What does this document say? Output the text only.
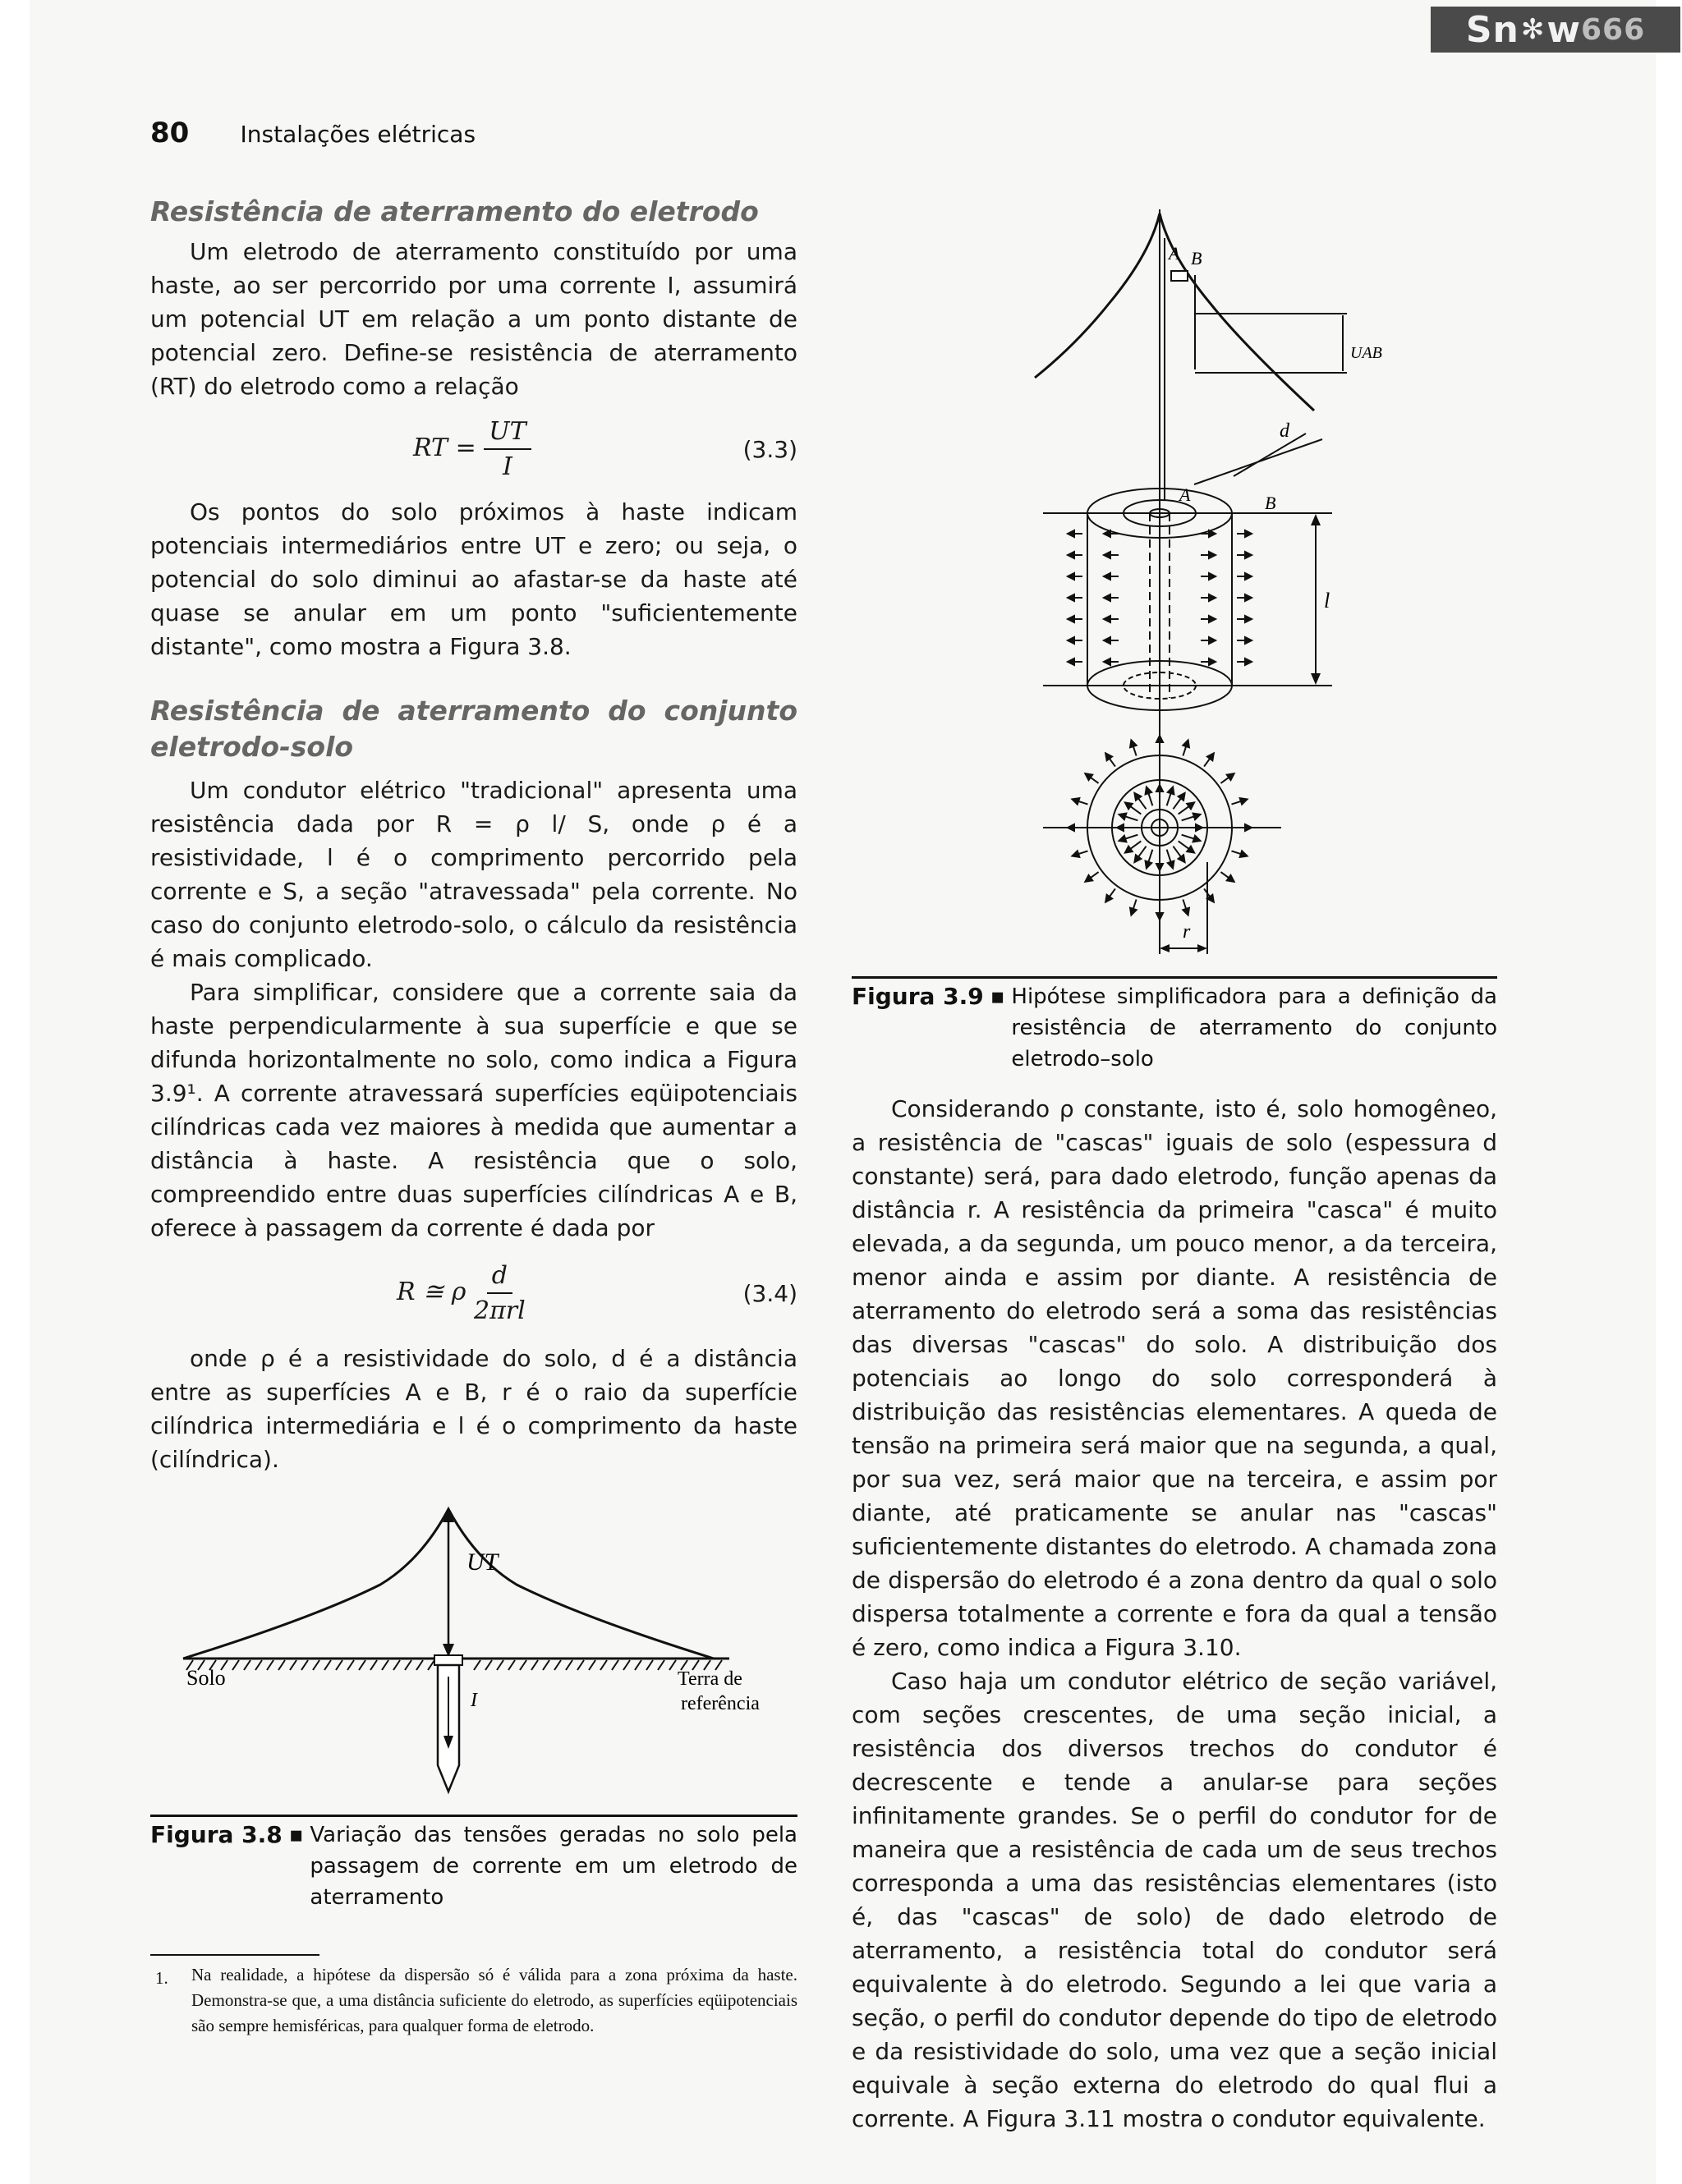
Sn ✻ w 666
80 Instalações elétricas
Resistência de aterramento do eletrodo

Um eletrodo de aterramento constituído por uma haste, ao ser percorrido por uma corrente I, assumirá um potencial UT em relação a um ponto distante de potencial zero. Define-se resistência de aterramento (RT) do eletrodo como a relação

RT = $\frac{UT}{I}$	(3.3)

Os pontos do solo próximos à haste indicam potenciais intermediários entre UT e zero; ou seja, o potencial do solo diminui ao afastar-se da haste até quase se anular em um ponto "suficientemente distante", como mostra a Figura 3.8.

Resistência de aterramento do conjunto eletrodo-solo

Um condutor elétrico "tradicional" apresenta uma resistência dada por R = ρ l/ S, onde ρ é a resistividade, l é o comprimento percorrido pela corrente e S, a seção "atravessada" pela corrente. No caso do conjunto eletrodo-solo, o cálculo da resistência é mais complicado.

Para simplificar, considere que a corrente saia da haste perpendicularmente à sua superfície e que se difunda horizontalmente no solo, como indica a Figura 3.9¹. A corrente atravessará superfícies eqüipotenciais cilíndricas cada vez maiores à medida que aumentar a distância à haste. A resistência que o solo, compreendido entre duas superfícies cilíndricas A e B, oferece à passagem da corrente é dada por

R ≅ ρ $\frac{d}{\text{2πrl}}$	(3.4)

onde ρ é a resistividade do solo, d é a distância entre as superfícies A e B, r é o raio da superfície cilíndrica intermediária e l é o comprimento da haste (cilíndrica).

UT
Solo	Terra de
referência
I
Figura 3.8 ▪ Variação das tensões geradas no solo pela passagem de corrente em um eletrodo de aterramento
1.	Na realidade, a hipótese da dispersão só é válida para a zona próxima da haste. Demonstra-se que, a uma distância suficiente do eletrodo, as superfícies eqüipotenciais são sempre hemisféricas, para qualquer forma de eletrodo.
A B
UAB
d
A	B
l
r
Figura 3.9 ▪ Hipótese simplificadora para a definição da resistência de aterramento do conjunto eletrodo–solo

Considerando ρ constante, isto é, solo homogêneo, a resistência de "cascas" iguais de solo (espessura d constante) será, para dado eletrodo, função apenas da distância r. A resistência da primeira "casca" é muito elevada, a da segunda, um pouco menor, a da terceira, menor ainda e assim por diante. A resistência de aterramento do eletrodo será a soma das resistências das diversas "cascas" do solo. A distribuição dos potenciais ao longo do solo corresponderá à distribuição das resistências elementares. A queda de tensão na primeira será maior que na segunda, a qual, por sua vez, será maior que na terceira, e assim por diante, até praticamente se anular nas "cascas" suficientemente distantes do eletrodo. A chamada zona de dispersão do eletrodo é a zona dentro da qual o solo dispersa totalmente a corrente e fora da qual a tensão é zero, como indica a Figura 3.10.

Caso haja um condutor elétrico de seção variável, com seções crescentes, de uma seção inicial, a resistência dos diversos trechos do condutor é decrescente e tende a anular-se para seções infinitamente grandes. Se o perfil do condutor for de maneira que a resistência de cada um de seus trechos corresponda a uma das resistências elementares (isto é, das "cascas" de solo) de dado eletrodo de aterramento, a resistência total do condutor será equivalente à do eletrodo. Segundo a lei que varia a seção, o perfil do condutor depende do tipo de eletrodo e da resistividade do solo, uma vez que a seção inicial equivale à seção externa do eletrodo do qual flui a corrente. A Figura 3.11 mostra o condutor equivalente.
